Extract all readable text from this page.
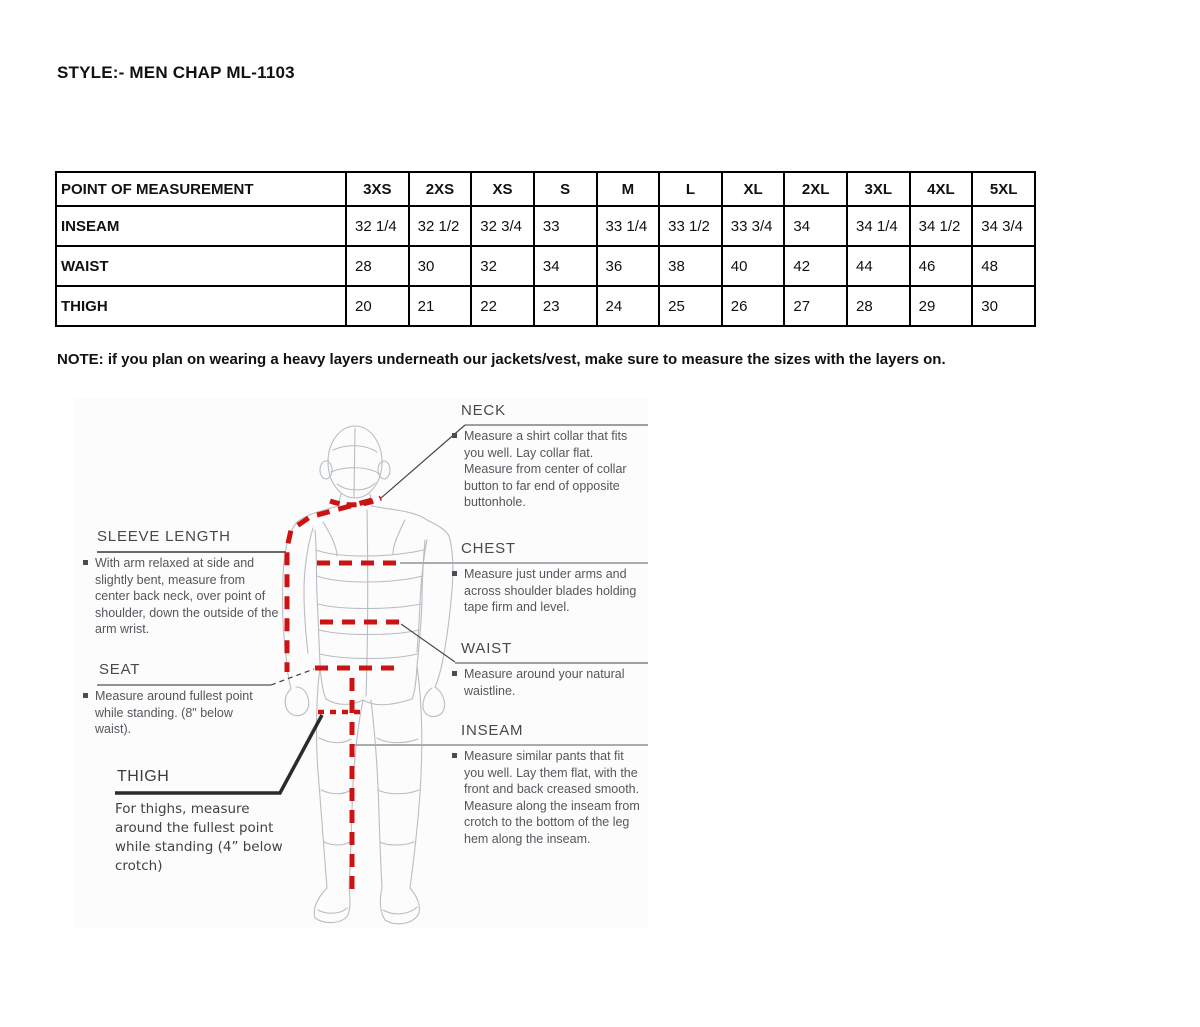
STYLE:- MEN CHAP ML-1103
POINT OF MEASUREMENT	3XS	2XS	XS	S	M	L	XL	2XL	3XL	4XL	5XL
INSEAM	32 1/4	32 1/2	32 3/4	33	33 1/4	33 1/2	33 3/4	34	34 1/4	34 1/2	34 3/4
WAIST	28	30	32	34	36	38	40	42	44	46	48
THIGH	20	21	22	23	24	25	26	27	28	29	30
NOTE: if you plan on wearing a heavy layers underneath our jackets/vest, make sure to measure the sizes with the layers on.
NECK
Measure a shirt collar that fits you well. Lay collar flat. Measure from center of collar button to far end of opposite buttonhole.
CHEST
Measure just under arms and across shoulder blades holding tape firm and level.
WAIST
Measure around your natural waistline.
INSEAM
Measure similar pants that fit you well. Lay them flat, with the front and back creased smooth. Measure along the inseam from crotch to the bottom of the leg hem along the inseam.
SLEEVE LENGTH
With arm relaxed at side and slightly bent, measure from center back neck, over point of shoulder, down the outside of the arm wrist.
SEAT
Measure around fullest point while standing. (8" below waist).
THIGH
For thighs, measure around the fullest point while standing (4” below crotch)
